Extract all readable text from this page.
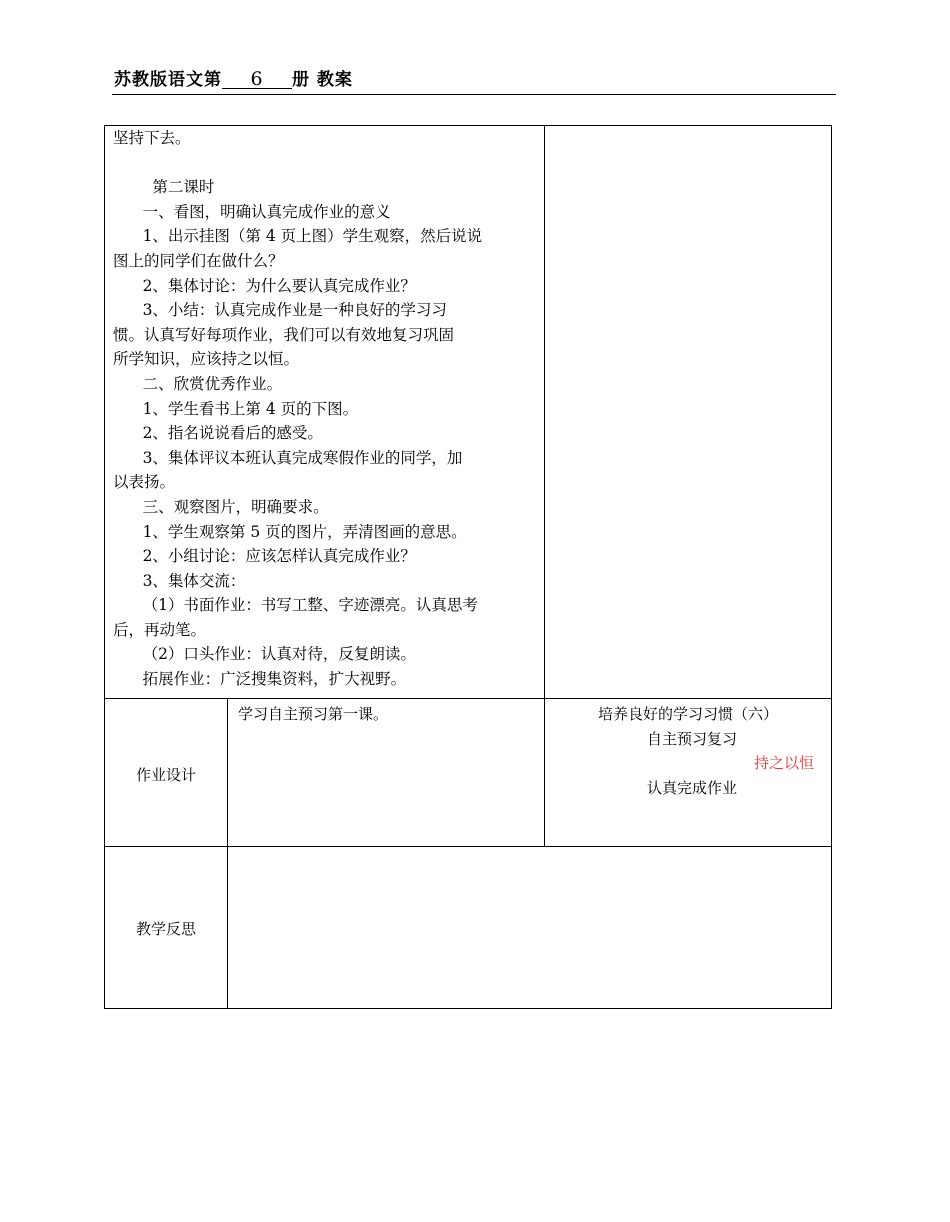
苏教版语文第 6 册 教案

坚持下去。

第二课时

一、看图，明确认真完成作业的意义

1、出示挂图（第 4 页上图）学生观察，然后说说

图上的同学们在做什么？

2、集体讨论：为什么要认真完成作业？

3、小结：认真完成作业是一种良好的学习习

惯。认真写好每项作业，我们可以有效地复习巩固

所学知识，应该持之以恒。

二、欣赏优秀作业。

1、学生看书上第 4 页的下图。

2、指名说说看后的感受。

3、集体评议本班认真完成寒假作业的同学，加

以表扬。

三、观察图片，明确要求。

1、学生观察第 5 页的图片，弄清图画的意思。

2、小组讨论：应该怎样认真完成作业？

3、集体交流：

（1）书面作业：书写工整、字迹漂亮。认真思考

后，再动笔。

（2）口头作业：认真对待，反复朗读。

拓展作业：广泛搜集资料，扩大视野。

作业设计
学习自主预习第一课。	培养良好的学习习惯（六）
自主预习复习
持之以恒
认真完成作业
教学反思
